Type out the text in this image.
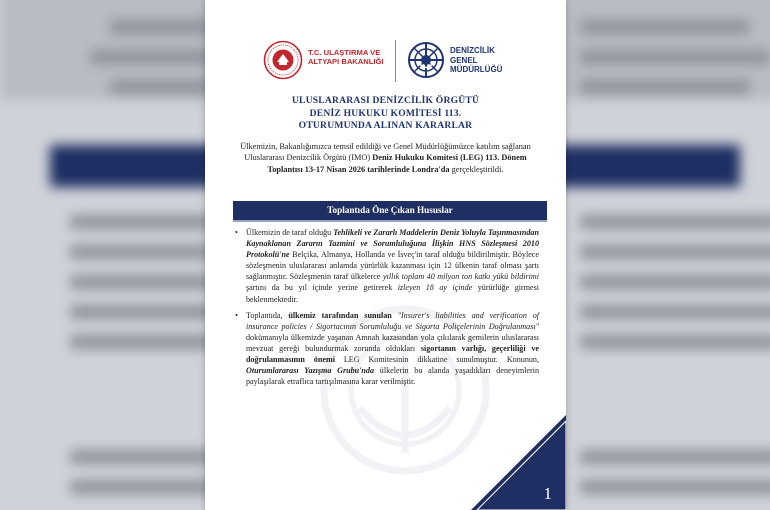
T.C. ULAŞTIRMA VE
ALTYAPI BAKANLIĞI
DENİZCİLİK
GENEL
MÜDÜRLÜĞÜ
ULUSLARARASI DENİZCİLİK ÖRGÜTÜ
DENİZ HUKUKU KOMİTESİ 113.
OTURUMUNDA ALINAN KARARLAR
Ülkemizin, Bakanlığımızca temsil edildiği ve Genel Müdürlüğümüzce katılım sağlanan Uluslararası Denizcilik Örgütü (IMO) Deniz Hukuku Komitesi (LEG) 113. Dönem Toplantısı 13-17 Nisan 2026 tarihlerinde Londra'da gerçekleştirildi.
Toplantıda Öne Çıkan Hususlar
• Ülkemizin de taraf olduğu Tehlikeli ve Zararlı Maddelerin Deniz Yoluyla Taşınmasından Kaynaklanan Zararın Tazmini ve Sorumluluğuna İlişkin HNS Sözleşmesi 2010 Protokolü'ne Belçika, Almanya, Hollanda ve İsveç'in taraf olduğu bildirilmiştir. Böylece sözleşmenin uluslararası anlamda yürürlük kazanması için 12 ülkenin taraf olması şartı sağlanmıştır. Sözleşmenin taraf ülkelerce yıllık toplam 40 milyon ton katkı yükü bildirimi şartını da bu yıl içinde yerine getirerek izleyen 18 ay içinde yürürlüğe girmesi beklenmektedir.
• Toplantıda, ülkemiz tarafından sunulan "Insurer's liabilities and verification of insurance policies / Sigortacının Sorumluluğu ve Sigorta Poliçelerinin Doğrulanması" dokümanıyla ülkemizde yaşanan Amnah kazasından yola çıkılarak gemilerin uluslararası mevzuat gereği bulundurmak zorunda oldukları sigortanın varlığı, geçerliliği ve doğrulanmasının önemi LEG Komitesinin dikkatine sunulmuştur. Konunun, Oturumlararası Yazışma Grubu'nda ülkelerin bu alanda yaşadıkları deneyimlerin paylaşılarak etraflıca tartışılmasına karar verilmiştir.
1
